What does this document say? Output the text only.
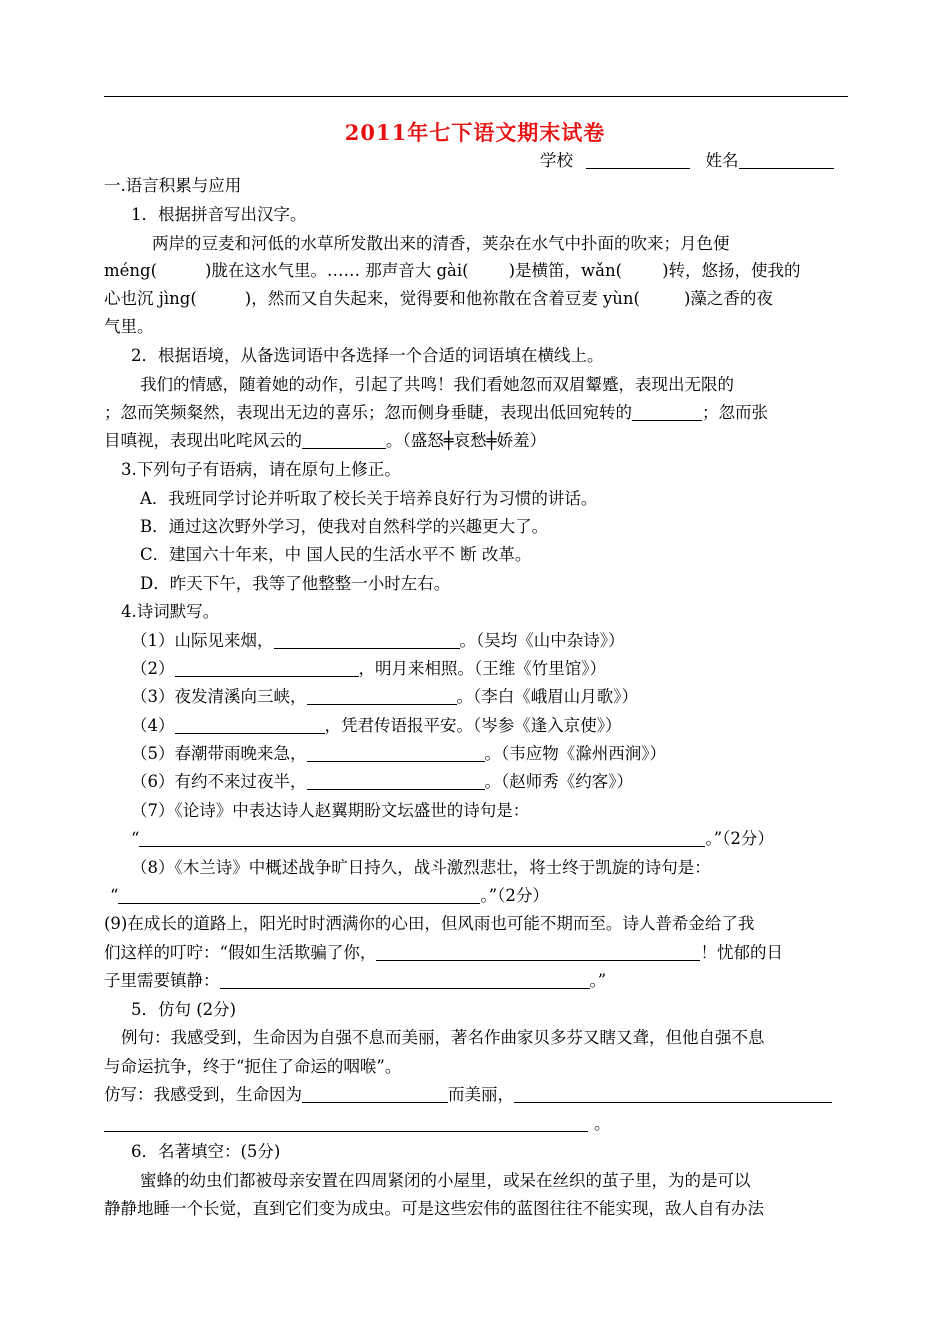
2011年七下语文期末试卷
学校	姓名
一.语言积累与应用
1．根据拼音写出汉字。
两岸的豆麦和河低的水草所发散出来的清香，荚杂在水气中扑面的吹来；月色便
méng(	)胧在这水气里。…… 那声音大 gài( )是横笛，wǎn( )转，悠扬，使我的
心也沉 jìng(	)，然而又自失起来，觉得要和他祢散在含着豆麦 yùn(	)藻之香的夜
气里。
2．根据语境，从备选词语中各选择一个合适的词语填在横线上。
我们的情感，随着她的动作，引起了共鸣！我们看她忽而双眉颦蹙，表现出无限的
；忽而笑频粲然，表现出无边的喜乐；忽而侧身垂睫，表现出低回宛转的	；忽而张
目嗔视，表现出叱咤风云的	。（盛怒╪哀愁╪娇羞）
3.下列句子有语病，请在原句上修正。
A．我班同学讨论并听取了校长关于培养良好行为习惯的讲话。
B．通过这次野外学习，使我对自然科学的兴趣更大了。
C．建国六十年来，中 国人民的生活水平不 断 改革。
D．昨天下午，我等了他整整一小时左右。
4.诗词默写。
（1）山际见来烟，	。（吴均《山中杂诗》）
（2）	，明月来相照。（王维《竹里馆》）
（3）夜发清溪向三峡，	。（李白《峨眉山月歌》）
（4）	，凭君传语报平安。（岑参《逢入京使》）
（5）春潮带雨晚来急，	。（韦应物《滁州西涧》）
（6）有约不来过夜半，	。（赵师秀《约客》）
（7）《论诗》中表达诗人赵翼期盼文坛盛世的诗句是：
“	。”（2分）
（8）《木兰诗》中概述战争旷日持久，战斗激烈悲壮，将士终于凯旋的诗句是：
“	。”（2分）
(9)在成长的道路上，阳光时时洒满你的心田，但风雨也可能不期而至。诗人普希金给了我
们这样的叮咛：“假如生活欺骗了你，	！忧郁的日
子里需要镇静：	。”
5．仿句 (2分)
例句：我感受到，生命因为自强不息而美丽，著名作曲家贝多芬又瞎又聋，但他自强不息
与命运抗争，终于“扼住了命运的咽喉”。
仿写：我感受到，生命因为	而美丽，
。
6．名著填空：(5分)
蜜蜂的幼虫们都被母亲安置在四周紧闭的小屋里，或呆在丝织的茧子里，为的是可以
静静地睡一个长觉，直到它们变为成虫。可是这些宏伟的蓝图往往不能实现，敌人自有办法
